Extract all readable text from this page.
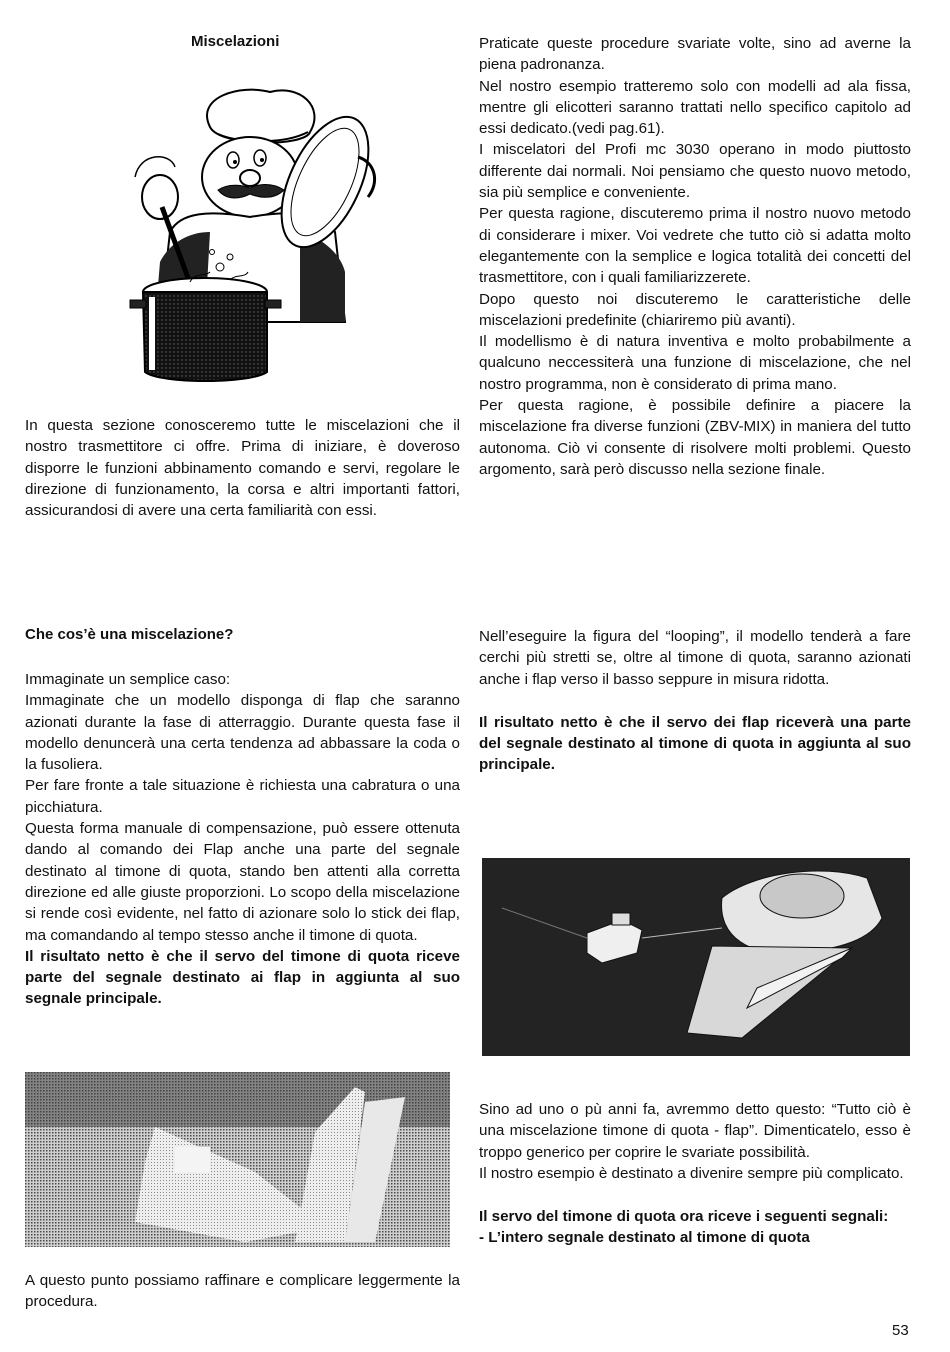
Miscelazioni
In questa sezione conosceremo tutte le miscelazioni che il nostro trasmettitore ci offre. Prima di iniziare, è doveroso disporre le funzioni abbinamento comando e servi, regolare le direzione di funzionamento, la corsa e altri importanti fattori, assicurandosi di avere una certa familiarità con essi.
Che cos’è una miscelazione?

Immaginate un semplice caso:

Immaginate che un modello disponga di flap che saranno azionati durante la fase di atterraggio. Durante questa fase il modello denuncerà una certa tendenza ad abbassare la coda o la fusoliera.

Per fare fronte a tale situazione è richiesta una cabratura o una picchiatura.

Questa forma manuale di compensazione, può essere ottenuta dando al comando dei Flap anche una parte del segnale destinato al timone di quota, stando ben attenti alla corretta direzione ed alle giuste proporzioni. Lo scopo della miscelazione si rende così evidente, nel fatto di azionare solo lo stick dei flap, ma comandando al tempo stesso anche il timone di quota.

Il risultato netto è che il servo del timone di quota riceve parte del segnale destinato ai flap in aggiunta al suo segnale principale.

A questo punto possiamo raffinare e complicare leggermente la procedura.

Praticate queste procedure svariate volte, sino ad averne la piena padronanza.

Nel nostro esempio tratteremo solo con modelli ad ala fissa, mentre gli elicotteri saranno trattati nello specifico capitolo ad essi dedicato.(vedi pag.61).

I miscelatori del Profi mc 3030 operano in modo piuttosto differente dai normali. Noi pensiamo che questo nuovo metodo, sia più semplice e conveniente.

Per questa ragione, discuteremo prima il nostro nuovo metodo di considerare i mixer. Voi vedrete che tutto ciò si adatta molto elegantemente con la semplice e logica totalità dei concetti del trasmettitore, con i quali familiarizzerete.

Dopo questo noi discuteremo le caratteristiche delle miscelazioni predefinite (chiariremo più avanti).

Il modellismo è di natura inventiva e molto probabilmente a qualcuno neccessiterà una funzione di miscelazione, che nel nostro programma, non è considerato di prima mano.

Per questa ragione, è possibile definire a piacere la miscelazione fra diverse funzioni (ZBV-MIX) in maniera del tutto autonoma. Ciò vi consente di risolvere molti problemi. Questo argomento, sarà però discusso nella sezione finale.

Nell’eseguire la figura del “looping”, il modello tenderà a fare cerchi più stretti se, oltre al timone di quota, saranno azionati anche i flap verso il basso seppure in misura ridotta.

Il risultato netto è che il servo dei flap riceverà una parte del segnale destinato al timone di quota in aggiunta al suo principale.

Sino ad uno o pù anni fa, avremmo detto questo: “Tutto ciò è una miscelazione timone di quota - flap”. Dimenticatelo, esso è troppo generico per coprire le svariate possibilità.

Il nostro esempio è destinato a divenire sempre più complicato.

Il servo del timone di quota ora riceve i seguenti segnali:

- L’intero segnale destinato al timone di quota

53
